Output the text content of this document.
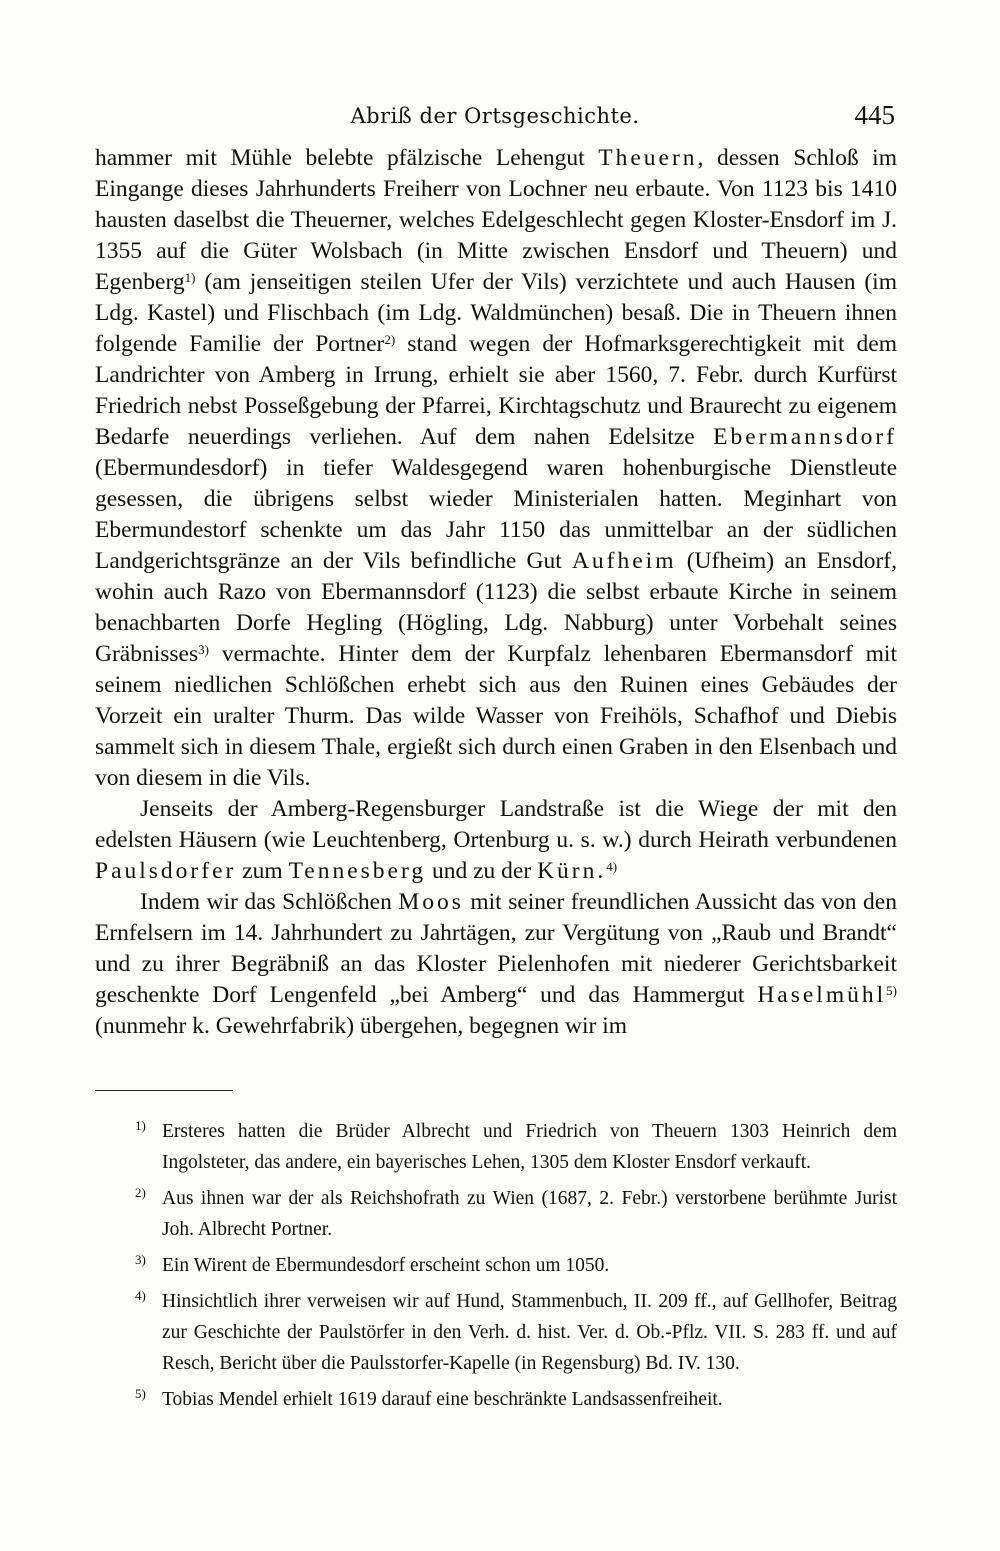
Abriß der Ortsgeschichte.	445

hammer mit Mühle belebte pfälzische Lehengut Theuern, dessen Schloß im Eingange dieses Jahrhunderts Freiherr von Lochner neu erbaute. Von 1123 bis 1410 hausten daselbst die Theuerner, welches Edelgeschlecht gegen Kloster-Ensdorf im J. 1355 auf die Güter Wolsbach (in Mitte zwischen Ensdorf und Theuern) und Egenberg$^{1)}$ (am jenseitigen steilen Ufer der Vils) verzichtete und auch Hausen (im Ldg. Kastel) und Flischbach (im Ldg. Waldmünchen) besaß. Die in Theuern ihnen folgende Familie der Portner$^{2)}$ stand wegen der Hofmarksgerechtigkeit mit dem Landrichter von Amberg in Irrung, erhielt sie aber 1560, 7. Febr. durch Kurfürst Friedrich nebst Posseßgebung der Pfarrei, Kirchtagschutz und Braurecht zu eigenem Bedarfe neuerdings verliehen. Auf dem nahen Edelsitze Ebermannsdorf (Ebermundesdorf) in tiefer Waldesgegend waren hohenburgische Dienstleute gesessen, die übrigens selbst wieder Ministerialen hatten. Meginhart von Ebermundestorf schenkte um das Jahr 1150 das unmittelbar an der südlichen Landgerichtsgränze an der Vils befindliche Gut Aufheim (Ufheim) an Ensdorf, wohin auch Razo von Ebermannsdorf (1123) die selbst erbaute Kirche in seinem benachbarten Dorfe Hegling (Högling, Ldg. Nabburg) unter Vorbehalt seines Gräbnisses$^{3)}$ vermachte. Hinter dem der Kurpfalz lehenbaren Ebermansdorf mit seinem niedlichen Schlößchen erhebt sich aus den Ruinen eines Gebäudes der Vorzeit ein uralter Thurm. Das wilde Wasser von Freihöls, Schafhof und Diebis sammelt sich in diesem Thale, ergießt sich durch einen Graben in den Elsenbach und von diesem in die Vils.

Jenseits der Amberg-Regensburger Landstraße ist die Wiege der mit den edelsten Häusern (wie Leuchtenberg, Ortenburg u. s. w.) durch Heirath verbundenen Paulsdorfer zum Tennesberg und zu der Kürn.$^{4)}$

Indem wir das Schlößchen Moos mit seiner freundlichen Aussicht das von den Ernfelsern im 14. Jahrhundert zu Jahrtägen, zur Vergütung von „Raub und Brandt“ und zu ihrer Begräbniß an das Kloster Pielenhofen mit niederer Gerichtsbarkeit geschenkte Dorf Lengenfeld „bei Amberg“ und das Hammergut Haselmühl$^{5)}$ (nunmehr k. Gewehrfabrik) übergehen, begegnen wir im

1) Ersteres hatten die Brüder Albrecht und Friedrich von Theuern 1303 Heinrich dem Ingolsteter, das andere, ein bayerisches Lehen, 1305 dem Kloster Ensdorf verkauft.
2) Aus ihnen war der als Reichshofrath zu Wien (1687, 2. Febr.) verstorbene berühmte Jurist Joh. Albrecht Portner.
3) Ein Wirent de Ebermundesdorf erscheint schon um 1050.
4) Hinsichtlich ihrer verweisen wir auf Hund, Stammenbuch, II. 209 ff., auf Gellhofer, Beitrag zur Geschichte der Paulstörfer in den Verh. d. hist. Ver. d. Ob.-Pflz. VII. S. 283 ff. und auf Resch, Bericht über die Paulsstorfer-Kapelle (in Regensburg) Bd. IV. 130.
5) Tobias Mendel erhielt 1619 darauf eine beschränkte Landsassenfreiheit.
